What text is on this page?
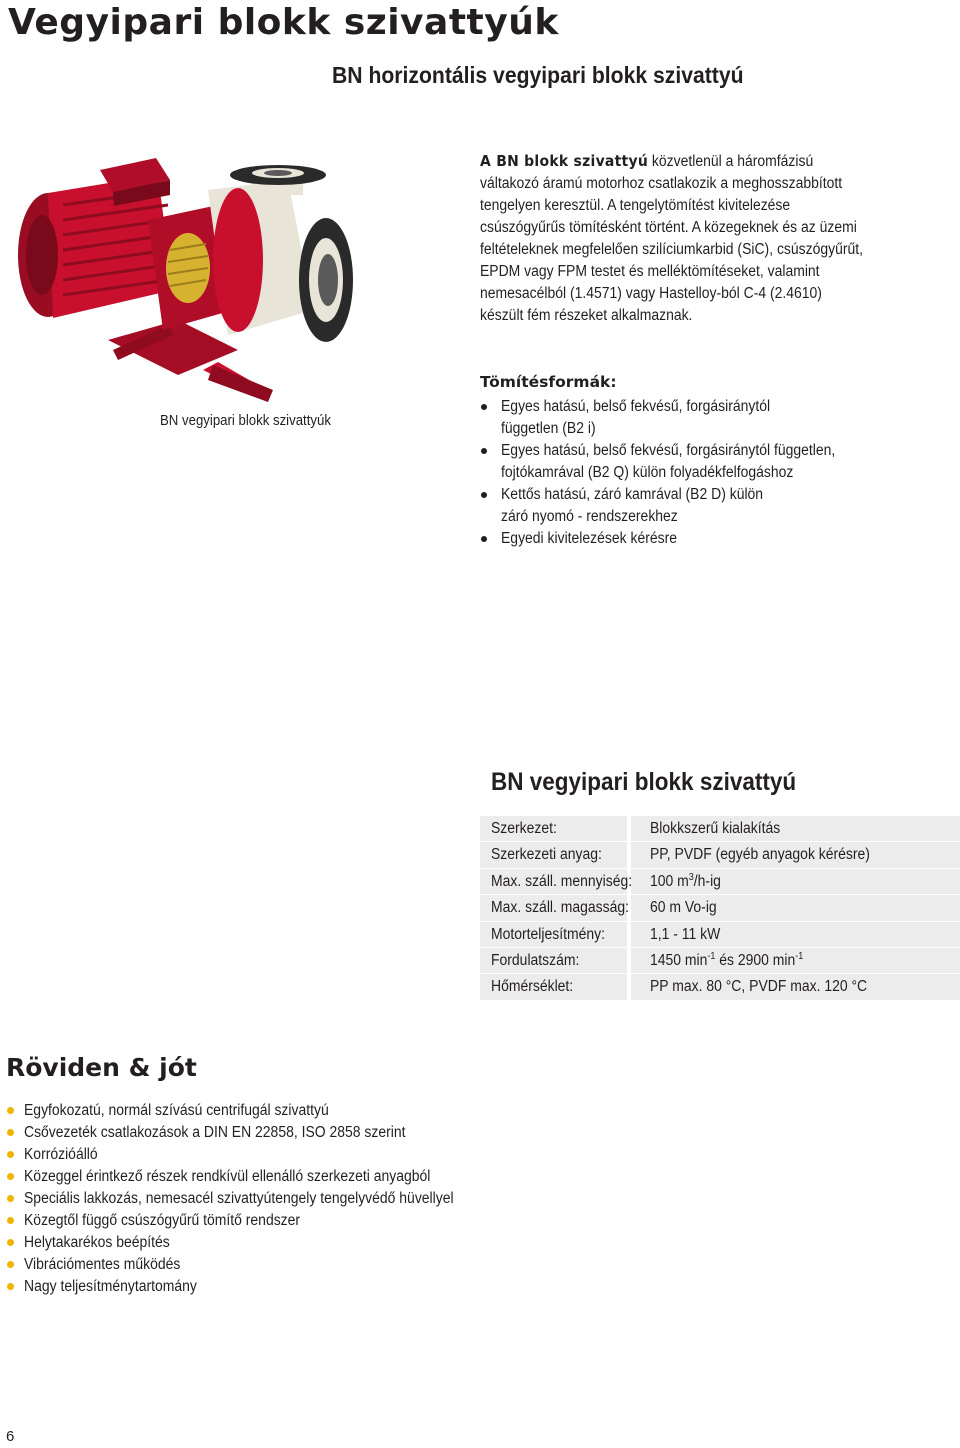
Vegyipari blokk szivattyúk
BN horizontális vegyipari blokk szivattyú
BN vegyipari blokk szivattyúk
A BN blokk szivattyú közvetlenül a háromfázisú
váltakozó áramú motorhoz csatlakozik a meghosszabbított
tengelyen keresztül. A tengelytömítést kivitelezése
csúszógyűrűs tömítésként történt. A közegeknek és az üzemi
feltételeknek megfelelően szilíciumkarbid (SiC), csúszógyűrűt,
EPDM vagy FPM testet és melléktömítéseket, valamint
nemesacélból (1.4571) vagy Hastelloy-ból C-4 (2.4610)
készült fém részeket alkalmaznak.
Tömítésformák:
Egyes hatású, belső fekvésű, forgásiránytól
független (B2 i)
Egyes hatású, belső fekvésű, forgásiránytól független,
fojtókamrával (B2 Q) külön folyadékfelfogáshoz
Kettős hatású, záró kamrával (B2 D) külön
záró nyomó - rendszerekhez
Egyedi kivitelezések kérésre
BN vegyipari blokk szivattyú
Szerkezet:	Blokkszerű kialakítás
Szerkezeti anyag:	PP, PVDF (egyéb anyagok kérésre)
Max. száll. mennyiség:	100 $m^3/h-ig$
Max. száll. magasság:	60 m Vo-ig
Motorteljesítmény:	1,1 - 11 kW
Fordulatszám:	1450 $\min^{-1}$ és 2900 $\min^{-1}$
Hőmérséklet:	PP max. 80 °C, PVDF max. 120 °C
Röviden & jót
Egyfokozatú, normál szívású centrifugál szivattyú
Csővezeték csatlakozások a DIN EN 22858, ISO 2858 szerint
Korrózióálló
Közeggel érintkező részek rendkívül ellenálló szerkezeti anyagból
Speciális lakkozás, nemesacél szivattyútengely tengelyvédő hüvellyel
Közegtől függő csúszógyűrű tömítő rendszer
Helytakarékos beépítés
Vibrációmentes működés
Nagy teljesítménytartomány
6
